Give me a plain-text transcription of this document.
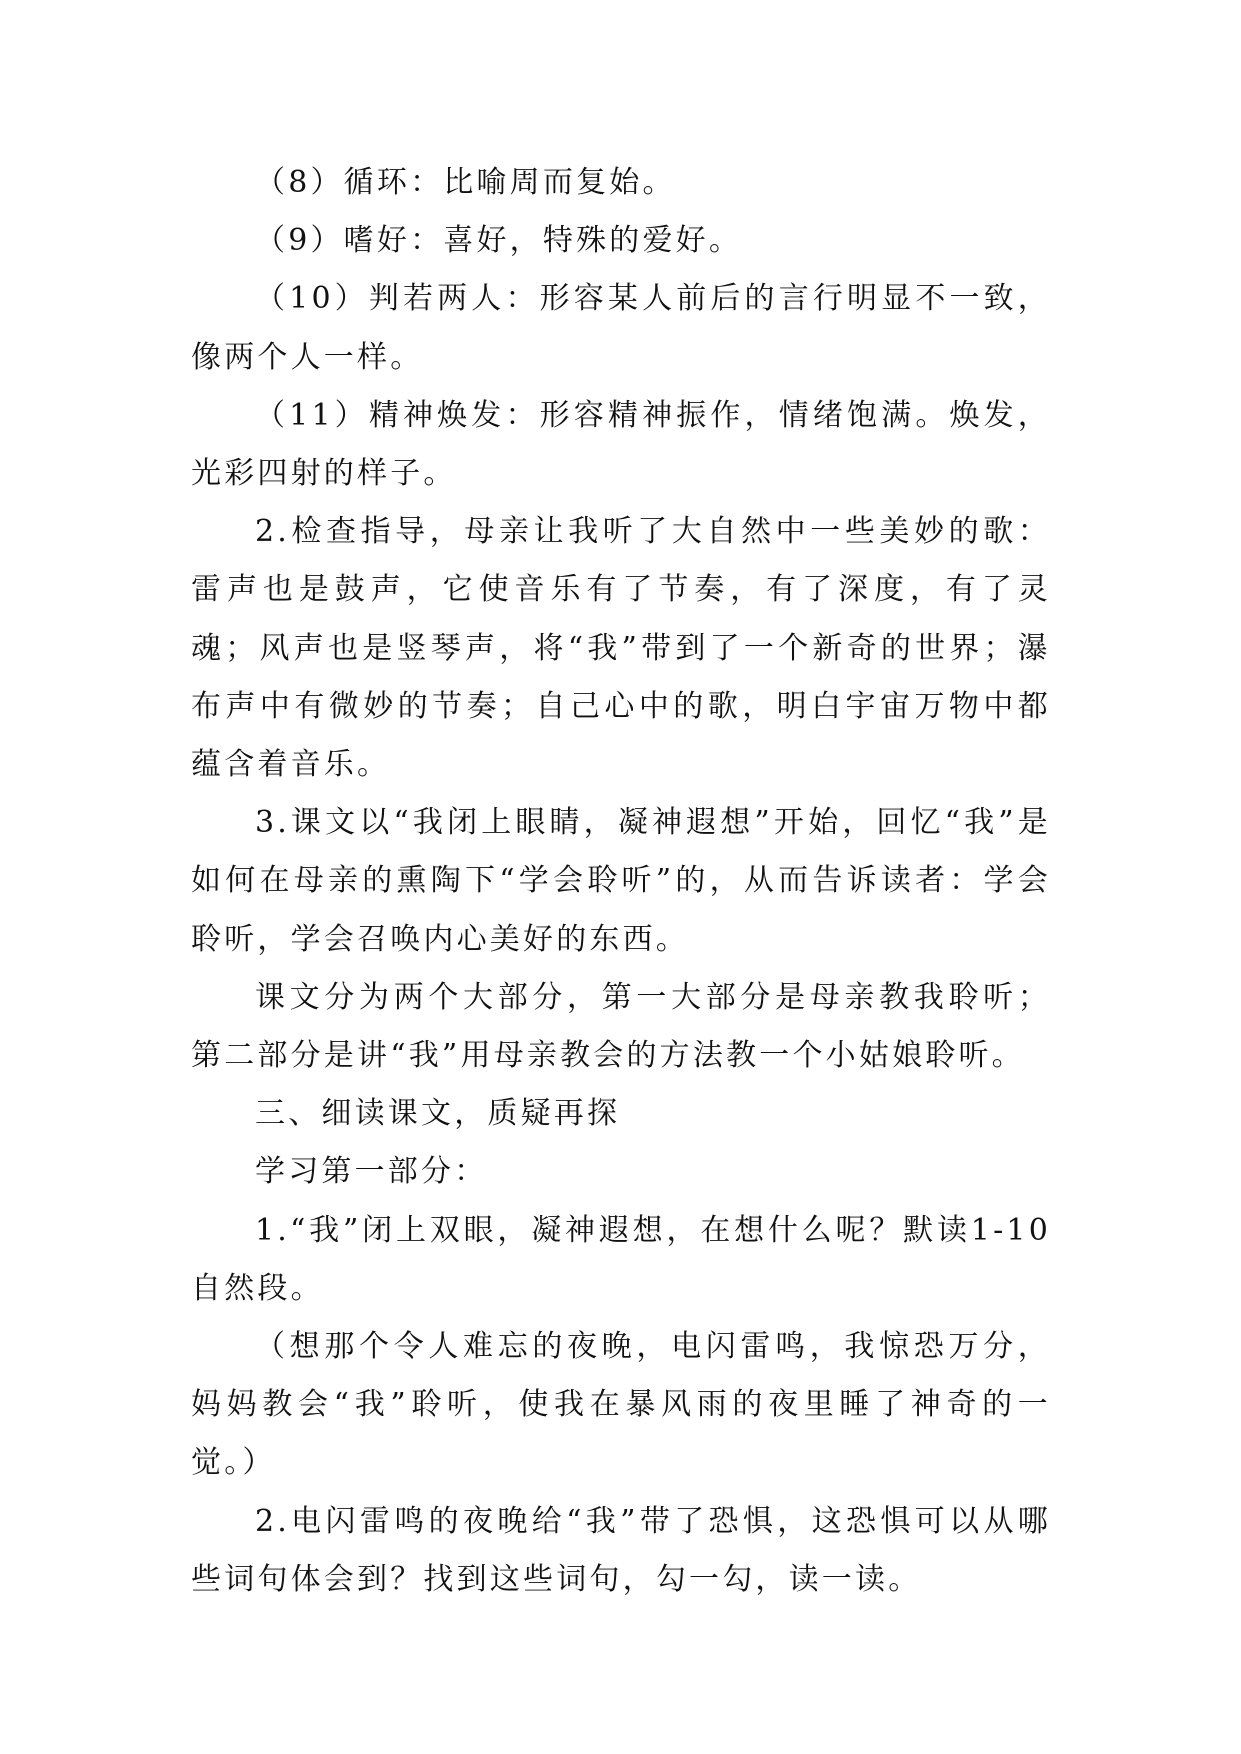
（8）循环：比喻周而复始。

（9）嗜好：喜好，特殊的爱好。

（10）判若两人：形容某人前后的言行明显不一致，像两个人一样。

（11）精神焕发：形容精神振作，情绪饱满。焕发，光彩四射的样子。

2.检查指导，母亲让我听了大自然中一些美妙的歌：雷声也是鼓声，它使音乐有了节奏，有了深度，有了灵魂；风声也是竖琴声，将“我”带到了一个新奇的世界；瀑布声中有微妙的节奏；自己心中的歌，明白宇宙万物中都蕴含着音乐。

3.课文以“我闭上眼睛，凝神遐想”开始，回忆“我”是如何在母亲的熏陶下“学会聆听”的，从而告诉读者：学会聆听，学会召唤内心美好的东西。

课文分为两个大部分，第一大部分是母亲教我聆听；第二部分是讲“我”用母亲教会的方法教一个小姑娘聆听。

三、细读课文，质疑再探

学习第一部分：

1.“我”闭上双眼，凝神遐想，在想什么呢？默读1-10自然段。

（想那个令人难忘的夜晚，电闪雷鸣，我惊恐万分，妈妈教会“我”聆听，使我在暴风雨的夜里睡了神奇的一觉。）

2.电闪雷鸣的夜晚给“我”带了恐惧，这恐惧可以从哪些词句体会到？找到这些词句，勾一勾，读一读。
